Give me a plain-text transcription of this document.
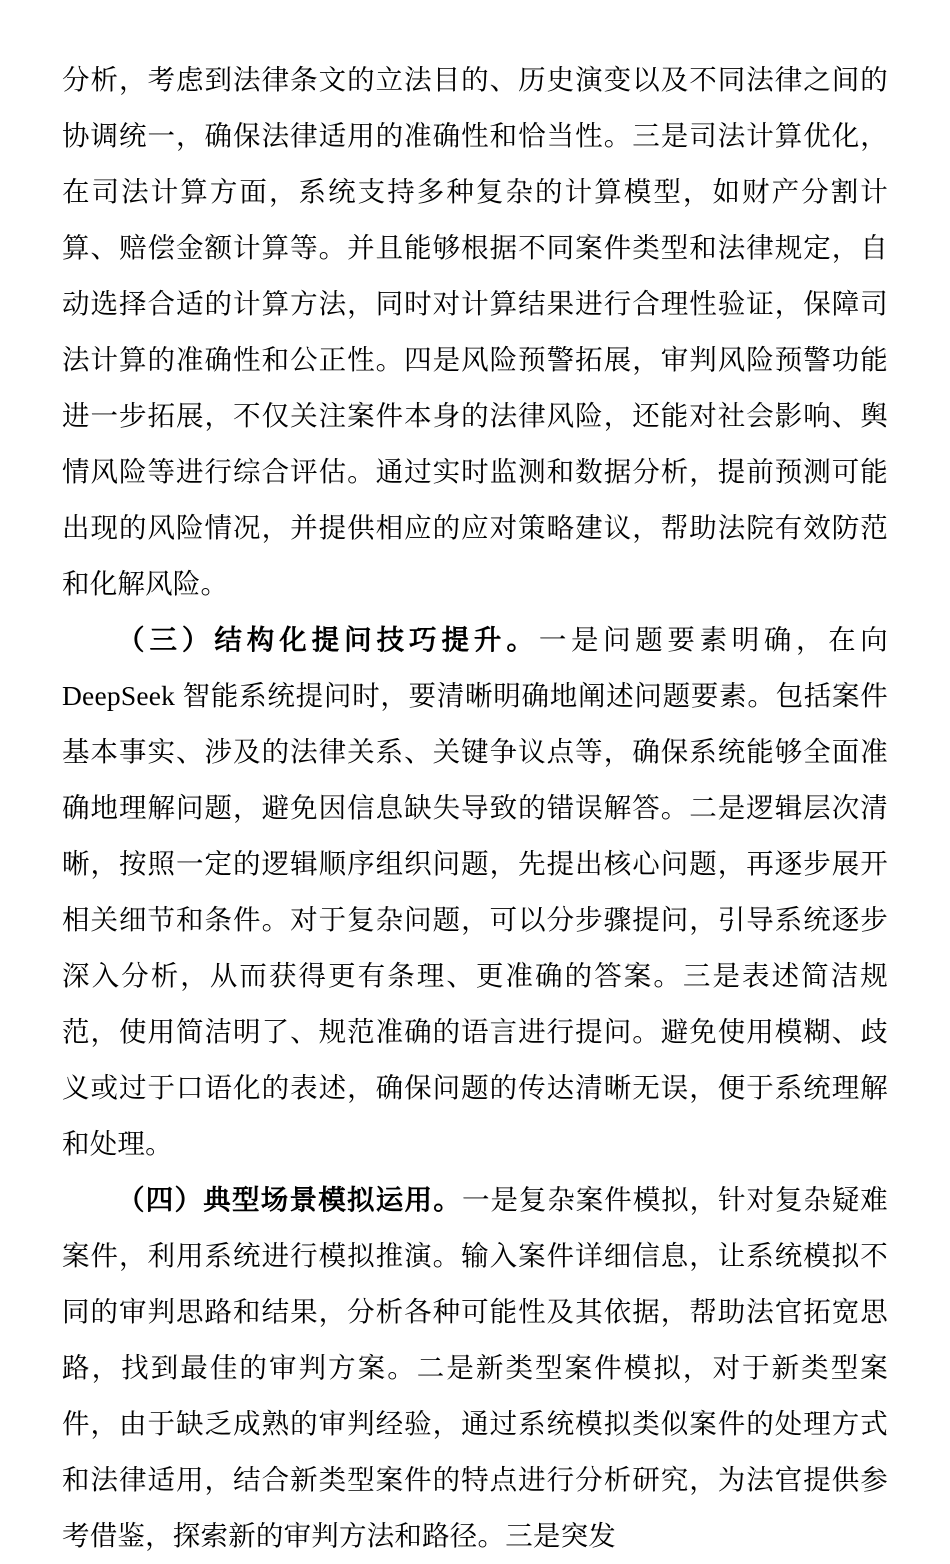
分析，考虑到法律条文的立法目的、历史演变以及不同法律之间的协调统一，确保法律适用的准确性和恰当性。三是司法计算优化，在司法计算方面，系统支持多种复杂的计算模型，如财产分割计算、赔偿金额计算等。并且能够根据不同案件类型和法律规定，自动选择合适的计算方法，同时对计算结果进行合理性验证，保障司法计算的准确性和公正性。四是风险预警拓展，审判风险预警功能进一步拓展，不仅关注案件本身的法律风险，还能对社会影响、舆情风险等进行综合评估。通过实时监测和数据分析，提前预测可能出现的风险情况，并提供相应的应对策略建议，帮助法院有效防范和化解风险。

（三）结构化提问技巧提升。一是问题要素明确，在向 DeepSeek 智能系统提问时，要清晰明确地阐述问题要素。包括案件基本事实、涉及的法律关系、关键争议点等，确保系统能够全面准确地理解问题，避免因信息缺失导致的错误解答。二是逻辑层次清晰，按照一定的逻辑顺序组织问题，先提出核心问题，再逐步展开相关细节和条件。对于复杂问题，可以分步骤提问，引导系统逐步深入分析，从而获得更有条理、更准确的答案。三是表述简洁规范，使用简洁明了、规范准确的语言进行提问。避免使用模糊、歧义或过于口语化的表述，确保问题的传达清晰无误，便于系统理解和处理。

（四）典型场景模拟运用。一是复杂案件模拟，针对复杂疑难案件，利用系统进行模拟推演。输入案件详细信息，让系统模拟不同的审判思路和结果，分析各种可能性及其依据，帮助法官拓宽思路，找到最佳的审判方案。二是新类型案件模拟，对于新类型案件，由于缺乏成熟的审判经验，通过系统模拟类似案件的处理方式和法律适用，结合新类型案件的特点进行分析研究，为法官提供参考借鉴，探索新的审判方法和路径。三是突发
